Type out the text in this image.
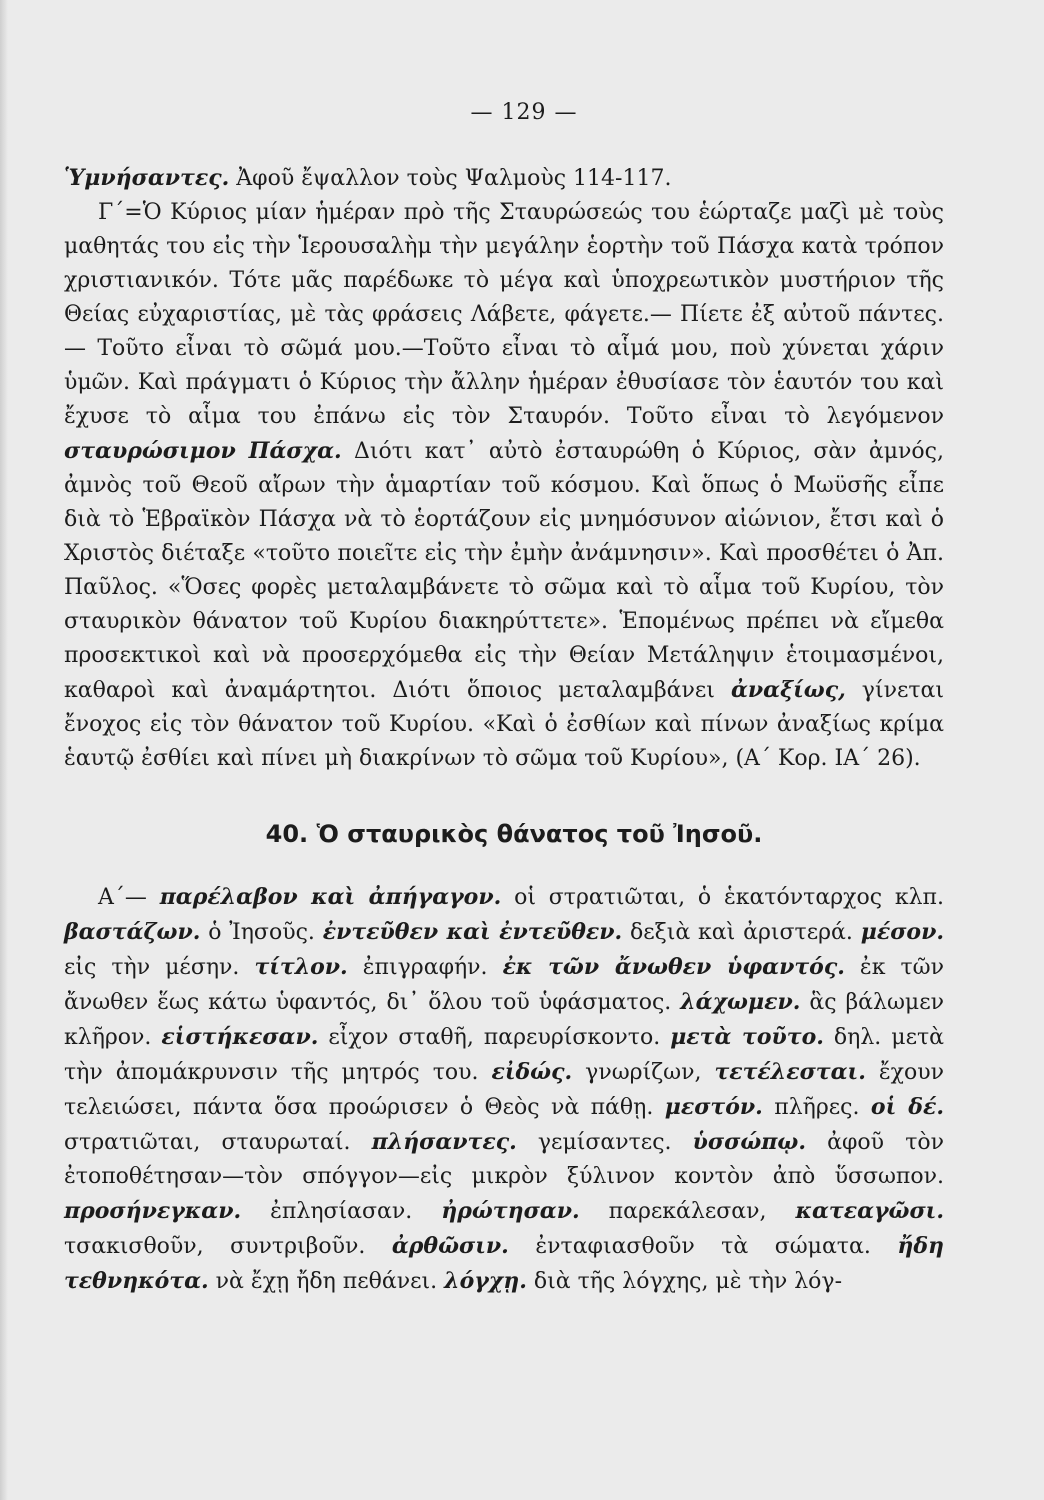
— 129 —

Ὑμνήσαντες. Ἀφοῦ ἔψαλλον τοὺς Ψαλμοὺς 114-117.

Γ´=Ὁ Κύριος μίαν ἡμέραν πρὸ τῆς Σταυρώσεώς του ἑώρταζε μαζὶ μὲ τοὺς μαθητάς του εἰς τὴν Ἱερουσαλὴμ τὴν μεγάλην ἑορτὴν τοῦ Πάσχα κατὰ τρόπον χριστιανικόν. Τότε μᾶς παρέδωκε τὸ μέγα καὶ ὑποχρεωτικὸν μυστήριον τῆς Θείας εὐχαριστίας, μὲ τὰς φράσεις Λάβετε, φάγετε.— Πίετε ἐξ αὐτοῦ πάντες.— Τοῦτο εἶναι τὸ σῶμά μου.—Τοῦτο εἶναι τὸ αἷμά μου, ποὺ χύνεται χάριν ὑμῶν. Καὶ πράγματι ὁ Κύριος τὴν ἄλλην ἡμέραν ἐθυσίασε τὸν ἑαυτόν του καὶ ἔχυσε τὸ αἷμα του ἐπάνω εἰς τὸν Σταυρόν. Τοῦτο εἶναι τὸ λεγόμενον σταυρώσιμον Πάσχα. Διότι κατ᾽ αὐτὸ ἐσταυρώθη ὁ Κύριος, σὰν ἀμνός, ἀμνὸς τοῦ Θεοῦ αἴρων τὴν ἁμαρτίαν τοῦ κόσμου. Καὶ ὅπως ὁ Μωϋσῆς εἶπε διὰ τὸ Ἑβραϊκὸν Πάσχα νὰ τὸ ἑορτάζουν εἰς μνημόσυνον αἰώνιον, ἔτσι καὶ ὁ Χριστὸς διέταξε «τοῦτο ποιεῖτε εἰς τὴν ἐμὴν ἀνάμνησιν». Καὶ προσθέτει ὁ Ἀπ. Παῦλος. «Ὅσες φορὲς μεταλαμβάνετε τὸ σῶμα καὶ τὸ αἷμα τοῦ Κυρίου, τὸν σταυρικὸν θάνατον τοῦ Κυρίου διακηρύττετε». Ἑπομένως πρέπει νὰ εἴμεθα προσεκτικοὶ καὶ νὰ προσερχόμεθα εἰς τὴν Θείαν Μετάληψιν ἑτοιμασμένοι, καθαροὶ καὶ ἀναμάρτητοι. Διότι ὅποιος μεταλαμβάνει ἀναξίως, γίνεται ἔνοχος εἰς τὸν θάνατον τοῦ Κυρίου. «Καὶ ὁ ἐσθίων καὶ πίνων ἀναξίως κρίμα ἑαυτῷ ἐσθίει καὶ πίνει μὴ διακρίνων τὸ σῶμα τοῦ Κυρίου», (Α´ Κορ. ΙΑ´ 26).

40. Ὁ σταυρικὸς θάνατος τοῦ Ἰησοῦ.

Α´— παρέλαβον καὶ ἀπήγαγον. οἱ στρατιῶται, ὁ ἑκατόνταρχος κλπ. βαστάζων. ὁ Ἰησοῦς. ἐντεῦθεν καὶ ἐντεῦθεν. δεξιὰ καὶ ἀριστερά. μέσον. εἰς τὴν μέσην. τίτλον. ἐπιγραφήν. ἐκ τῶν ἄνωθεν ὑφαντός. ἐκ τῶν ἄνωθεν ἕως κάτω ὑφαντός, δι᾽ ὅλου τοῦ ὑφάσματος. λάχωμεν. ἃς βάλωμεν κλῆρον. εἱστήκεσαν. εἶχον σταθῆ, παρευρίσκοντο. μετὰ τοῦτο. δηλ. μετὰ τὴν ἀπομάκρυνσιν τῆς μητρός του. εἰδώς. γνωρίζων, τετέλεσται. ἔχουν τελειώσει, πάντα ὅσα προώρισεν ὁ Θεὸς νὰ πάθῃ. μεστόν. πλῆρες. οἱ δέ. στρατιῶται, σταυρωταί. πλήσαντες. γεμίσαντες. ὑσσώπῳ. ἀφοῦ τὸν ἐτοποθέτησαν—τὸν σπόγγον—εἰς μικρὸν ξύλινον κοντὸν ἀπὸ ὕσσωπον. προσήνεγκαν. ἐπλησίασαν. ἠρώτησαν. παρεκάλεσαν, κατεαγῶσι. τσακισθοῦν, συντριβοῦν. ἀρθῶσιν. ἐνταφιασθοῦν τὰ σώματα. ἤδη τεθνηκότα. νὰ ἔχῃ ἤδη πεθάνει. λόγχῃ. διὰ τῆς λόγχης, μὲ τὴν λόγ-
